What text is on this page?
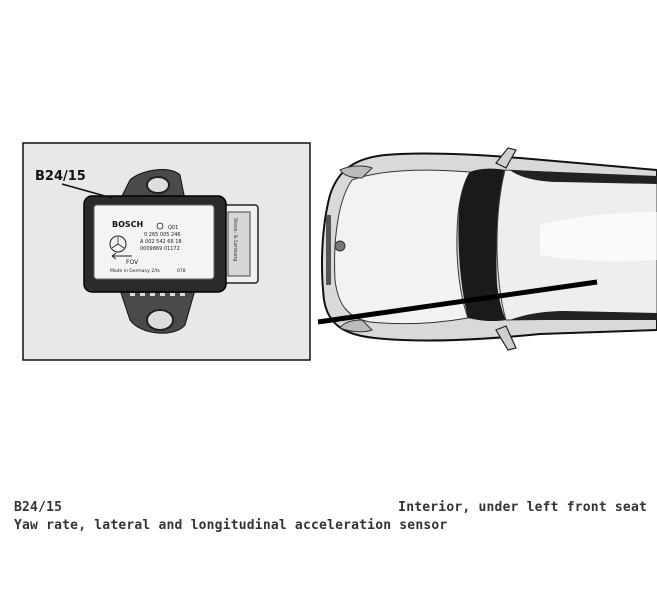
BOSCH	Q01
0 265 005 246
A 002 542 66 18
0009869 01172
FOV
Made in Germany 2/ts	078
Stoss- & Lenkung
B24/15
B24/15
Yaw rate, lateral and longitudinal acceleration sensor
Interior, under left front seat
